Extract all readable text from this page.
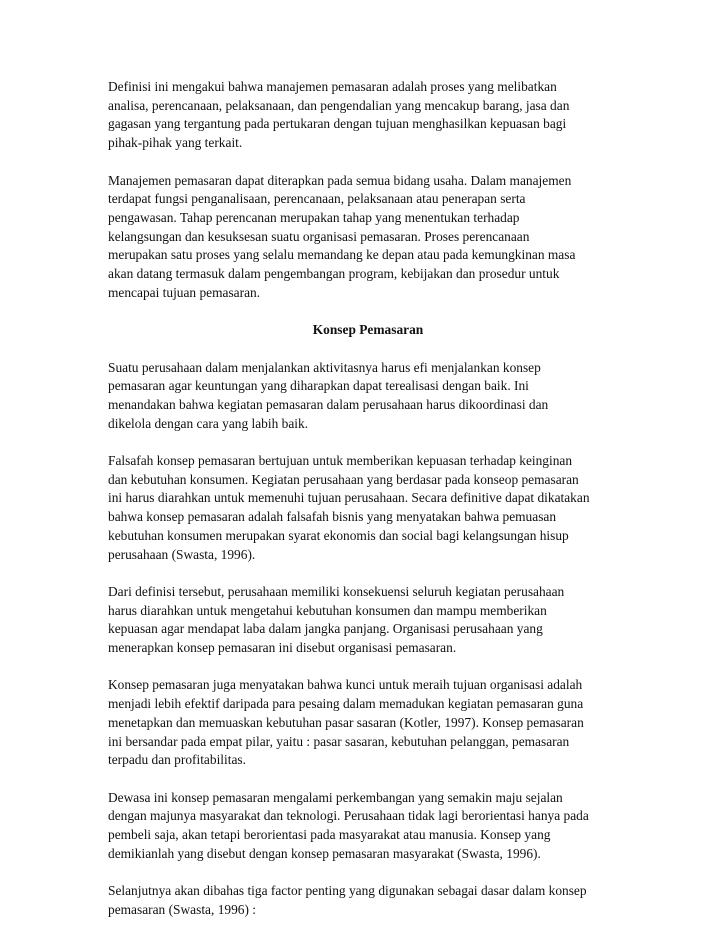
Definisi ini mengakui bahwa manajemen pemasaran adalah proses yang melibatkan
analisa, perencanaan, pelaksanaan, dan pengendalian yang mencakup barang, jasa dan
gagasan yang tergantung pada pertukaran dengan tujuan menghasilkan kepuasan bagi
pihak-pihak yang terkait.

Manajemen pemasaran dapat diterapkan pada semua bidang usaha. Dalam manajemen
terdapat fungsi penganalisaan, perencanaan, pelaksanaan atau penerapan serta
pengawasan. Tahap perencanan merupakan tahap yang menentukan terhadap
kelangsungan dan kesuksesan suatu organisasi pemasaran. Proses perencanaan
merupakan satu proses yang selalu memandang ke depan atau pada kemungkinan masa
akan datang termasuk dalam pengembangan program, kebijakan dan prosedur untuk
mencapai tujuan pemasaran.

Konsep Pemasaran

Suatu perusahaan dalam menjalankan aktivitasnya harus efi menjalankan konsep
pemasaran agar keuntungan yang diharapkan dapat terealisasi dengan baik. Ini
menandakan bahwa kegiatan pemasaran dalam perusahaan harus dikoordinasi dan
dikelola dengan cara yang labih baik.

Falsafah konsep pemasaran bertujuan untuk memberikan kepuasan terhadap keinginan
dan kebutuhan konsumen. Kegiatan perusahaan yang berdasar pada konseop pemasaran
ini harus diarahkan untuk memenuhi tujuan perusahaan. Secara definitive dapat dikatakan
bahwa konsep pemasaran adalah falsafah bisnis yang menyatakan bahwa pemuasan
kebutuhan konsumen merupakan syarat ekonomis dan social bagi kelangsungan hisup
perusahaan (Swasta, 1996).

Dari definisi tersebut, perusahaan memiliki konsekuensi seluruh kegiatan perusahaan
harus diarahkan untuk mengetahui kebutuhan konsumen dan mampu memberikan
kepuasan agar mendapat laba dalam jangka panjang. Organisasi perusahaan yang
menerapkan konsep pemasaran ini disebut organisasi pemasaran.

Konsep pemasaran juga menyatakan bahwa kunci untuk meraih tujuan organisasi adalah
menjadi lebih efektif daripada para pesaing dalam memadukan kegiatan pemasaran guna
menetapkan dan memuaskan kebutuhan pasar sasaran (Kotler, 1997). Konsep pemasaran
ini bersandar pada empat pilar, yaitu : pasar sasaran, kebutuhan pelanggan, pemasaran
terpadu dan profitabilitas.

Dewasa ini konsep pemasaran mengalami perkembangan yang semakin maju sejalan
dengan majunya masyarakat dan teknologi. Perusahaan tidak lagi berorientasi hanya pada
pembeli saja, akan tetapi berorientasi pada masyarakat atau manusia. Konsep yang
demikianlah yang disebut dengan konsep pemasaran masyarakat (Swasta, 1996).

Selanjutnya akan dibahas tiga factor penting yang digunakan sebagai dasar dalam konsep
pemasaran (Swasta, 1996) :
